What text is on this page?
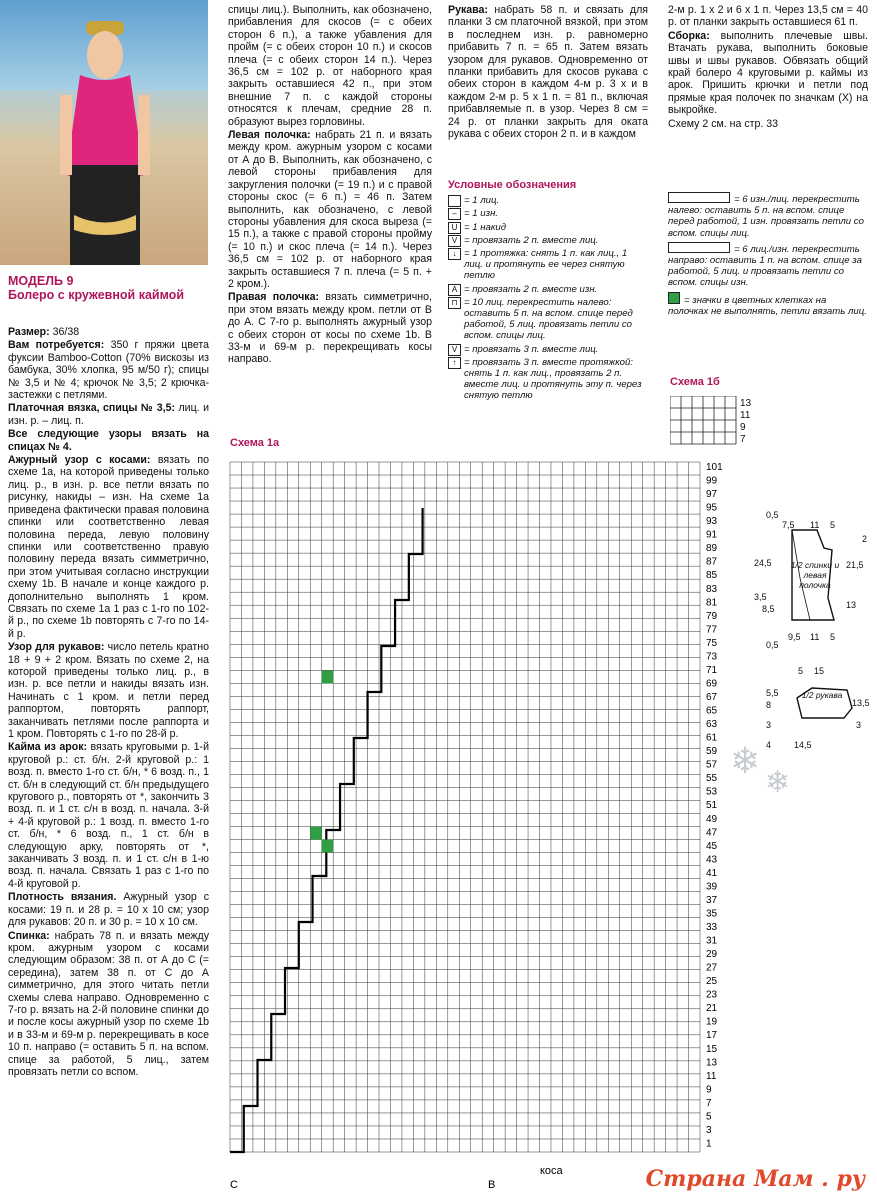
МОДЕЛЬ 9
Болеро с кружевной каймой

Размер: 36/38

Вам потребуется: 350 г пряжи цвета фуксии Bamboo-Cotton (70% вискозы из бамбука, 30% хлопка, 95 м/50 г); спицы № 3,5 и № 4; крючок № 3,5; 2 крючка-застежки с петлями.

Платочная вязка, спицы № 3,5: лиц. и изн. р. – лиц. п.

Все следующие узоры вязать на спицах № 4.

Ажурный узор с косами: вязать по схеме 1а, на которой приведены только лиц. р., в изн. р. все петли вязать по рисунку, накиды – изн. На схеме 1а приведена фактически правая половина спинки или соответственно левая половина переда, левую половину спинки или соответственно правую половину переда вязать симметрично, при этом учитывая согласно инструкции схему 1b. В начале и конце каждого р. дополнительно выполнять 1 кром. Связать по схеме 1а 1 раз с 1-го по 102-й р., по схеме 1b повторять с 7-го по 14-й р.

Узор для рукавов: число петель кратно 18 + 9 + 2 кром. Вязать по схеме 2, на которой приведены только лиц. р., в изн. р. все петли и накиды вязать изн. Начинать с 1 кром. и петли перед раппортом, повторять раппорт, заканчивать петлями после раппорта и 1 кром. Повторять с 1-го по 28-й р.

Кайма из арок: вязать круговыми р. 1-й круговой р.: ст. б/н. 2-й круговой р.: 1 возд. п. вместо 1-го ст. б/н, * 6 возд. п., 1 ст. б/н в следующий ст. б/н предыдущего кругового р., повторять от *, закончить 3 возд. п. и 1 ст. с/н в возд. п. начала. 3-й + 4-й круговой р.: 1 возд. п. вместо 1-го ст. б/н, * 6 возд. п., 1 ст. б/н в следующую арку, повторять от *, заканчивать 3 возд. п. и 1 ст. с/н в 1-ю возд. п. начала. Связать 1 раз с 1-го по 4-й круговой р.

Плотность вязания. Ажурный узор с косами: 19 п. и 28 р. = 10 х 10 см; узор для рукавов: 20 п. и 30 р. = 10 х 10 см.

Спинка: набрать 78 п. и вязать между кром. ажурным узором с косами следующим образом: 38 п. от А до С (= середина), затем 38 п. от С до А симметрично, для этого читать петли схемы слева направо. Одновременно с 7-го р. вязать на 2-й половине спинки до и после косы ажурный узор по схеме 1b и в 33-м и 69-м р. перекрещивать в косе 10 п. направо (= оставить 5 п. на вспом. спице за работой, 5 лиц., затем провязать петли со вспом.

спицы лиц.). Выполнить, как обозначено, прибавления для скосов (= с обеих сторон 6 п.), а также убавления для пройм (= с обеих сторон 10 п.) и скосов плеча (= с обеих сторон 14 п.). Через 36,5 см = 102 р. от наборного края закрыть оставшиеся 42 п., при этом внешние 7 п. с каждой стороны относятся к плечам, средние 28 п. образуют вырез горловины.

Левая полочка: набрать 21 п. и вязать между кром. ажурным узором с косами от А до В. Выполнить, как обозначено, с левой стороны прибавления для закругления полочки (= 19 п.) и с правой стороны скос (= 6 п.) = 46 п. Затем выполнить, как обозначено, с левой стороны убавления для скоса выреза (= 15 п.), а также с правой стороны пройму (= 10 п.) и скос плеча (= 14 п.). Через 36,5 см = 102 р. от наборного края закрыть оставшиеся 7 п. плеча (= 5 п. + 2 кром.).

Правая полочка: вязать симметрично, при этом вязать между кром. петли от В до А. С 7-го р. выполнять ажурный узор с обеих сторон от косы по схеме 1b. В 33-м и 69-м р. перекрещивать косы направо.

Рукава: набрать 58 п. и связать для планки 3 см платочной вязкой, при этом в последнем изн. р. равномерно прибавить 7 п. = 65 п. Затем вязать узором для рукавов. Одновременно от планки прибавить для скосов рукава с обеих сторон в каждом 4-м р. 3 х и в каждом 2-м р. 5 х 1 п. = 81 п., включая прибавляемые п. в узор. Через 8 см = 24 р. от планки закрыть для оката рукава с обеих сторон 2 п. и в каждом

2-м р. 1 х 2 и 6 х 1 п. Через 13,5 см = 40 р. от планки закрыть оставшиеся 61 п.

Сборка: выполнить плечевые швы. Втачать рукава, выполнить боковые швы и швы рукавов. Обвязать общий край болеро 4 круговыми р. каймы из арок. Пришить крючки и петли под прямые края полочек по значкам (Х) на выкройке.

Схему 2 см. на стр. 33

Условные обозначения
= 1 лиц.
– = 1 изн.
U = 1 накид
V = провязать 2 п. вместе лиц.
↓ = 1 протяжка: снять 1 п. как лиц., 1 лиц. и протянуть ее через снятую петлю
A = провязать 2 п. вместе изн.
⊓ = 10 лиц. перекрестить налево: оставить 5 п. на вспом. спице перед работой, 5 лиц. провязать петли со вспом. спицы лиц.
V = провязать 3 п. вместе лиц.
↑ = провязать 3 п. вместе протяжкой: снять 1 п. как лиц., провязать 2 п. вместе лиц. и протянуть эту п. через снятую петлю
= 6 изн./лиц. перекрестить налево: оставить 5 п. на вспом. спице перед работой, 1 изн. провязать петли со вспом. спицы лиц.
= 6 лиц./изн. перекрестить направо: оставить 1 п. на вспом. спице за работой, 5 лиц. и провязать петли со вспом. спицы изн.
= значки в цветных клетках на полочках не выполнять, петли вязать лиц.
Схема 1б
13
11
9
7
Схема 1а
101
99
97
95
93
91
89
87
85
83
81
79
77
75
73
71
69
67
65
63
61
59
57
55
53
51
49
47
45
43
41
39
37
35
33
31
29
27
25
23
21
19
17
15
13
11
9
7
5
3
1
C	B
коса
0,5
7,5 11 5
2
24,5	21,5
3,5
8,5	13
0,5
9,5 11 5
5 15
5,5
8	13,5
3	3
4	14,5
1/2 спинки и левая полочка
1/2 рукава
❄
❄
Страна Мам . ру
